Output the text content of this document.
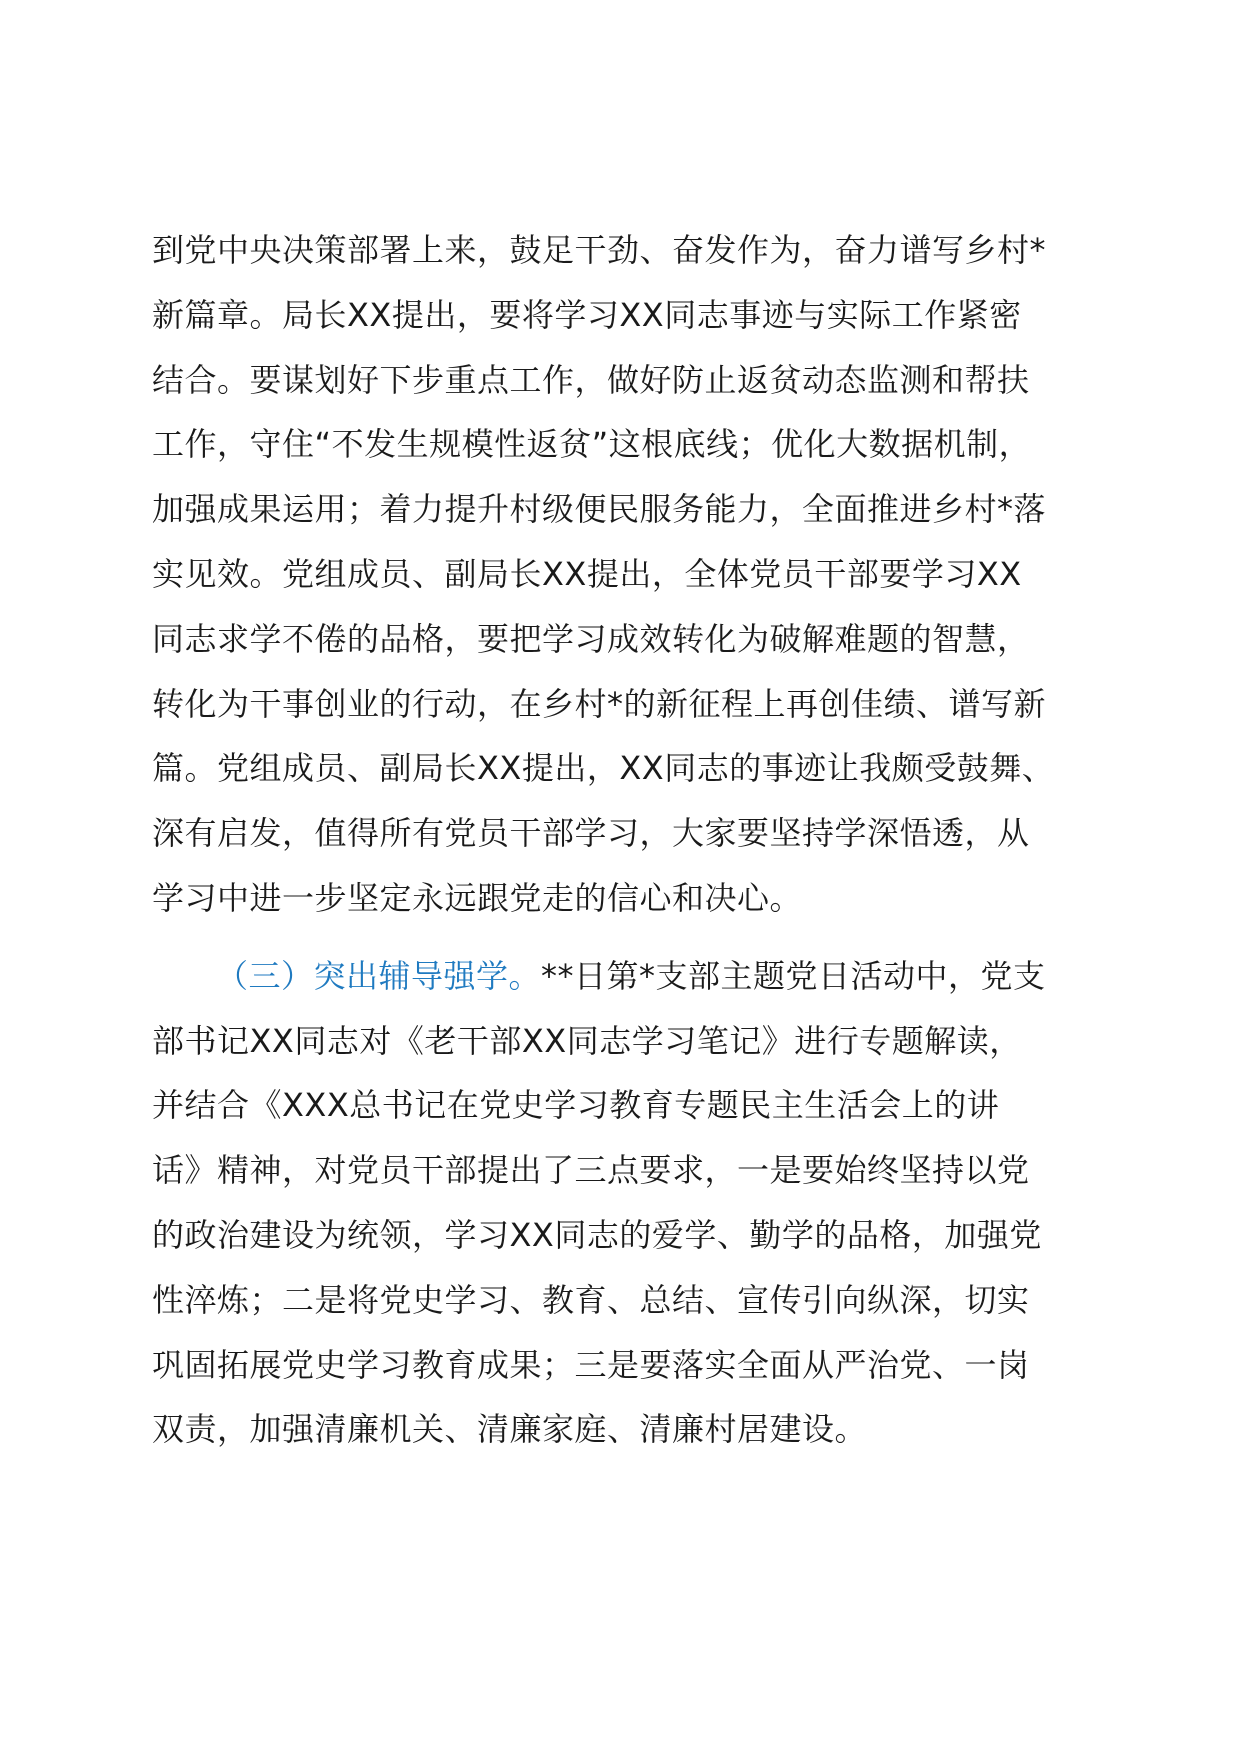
到党中央决策部署上来，鼓足干劲、奋发作为，奋力谱写乡村*
新篇章。局长XX提出，要将学习XX同志事迹与实际工作紧密
结合。要谋划好下步重点工作，做好防止返贫动态监测和帮扶
工作，守住“不发生规模性返贫”这根底线；优化大数据机制，
加强成果运用；着力提升村级便民服务能力，全面推进乡村*落
实见效。党组成员、副局长XX提出，全体党员干部要学习XX
同志求学不倦的品格，要把学习成效转化为破解难题的智慧，
转化为干事创业的行动，在乡村*的新征程上再创佳绩、谱写新
篇。党组成员、副局长XX提出，XX同志的事迹让我颇受鼓舞、
深有启发，值得所有党员干部学习，大家要坚持学深悟透，从
学习中进一步坚定永远跟党走的信心和决心。

（三）突出辅导强学。**日第*支部主题党日活动中，党支
部书记XX同志对《老干部XX同志学习笔记》进行专题解读，
并结合《XXX总书记在党史学习教育专题民主生活会上的讲
话》精神，对党员干部提出了三点要求，一是要始终坚持以党
的政治建设为统领，学习XX同志的爱学、勤学的品格，加强党
性淬炼；二是将党史学习、教育、总结、宣传引向纵深，切实
巩固拓展党史学习教育成果；三是要落实全面从严治党、一岗
双责，加强清廉机关、清廉家庭、清廉村居建设。
